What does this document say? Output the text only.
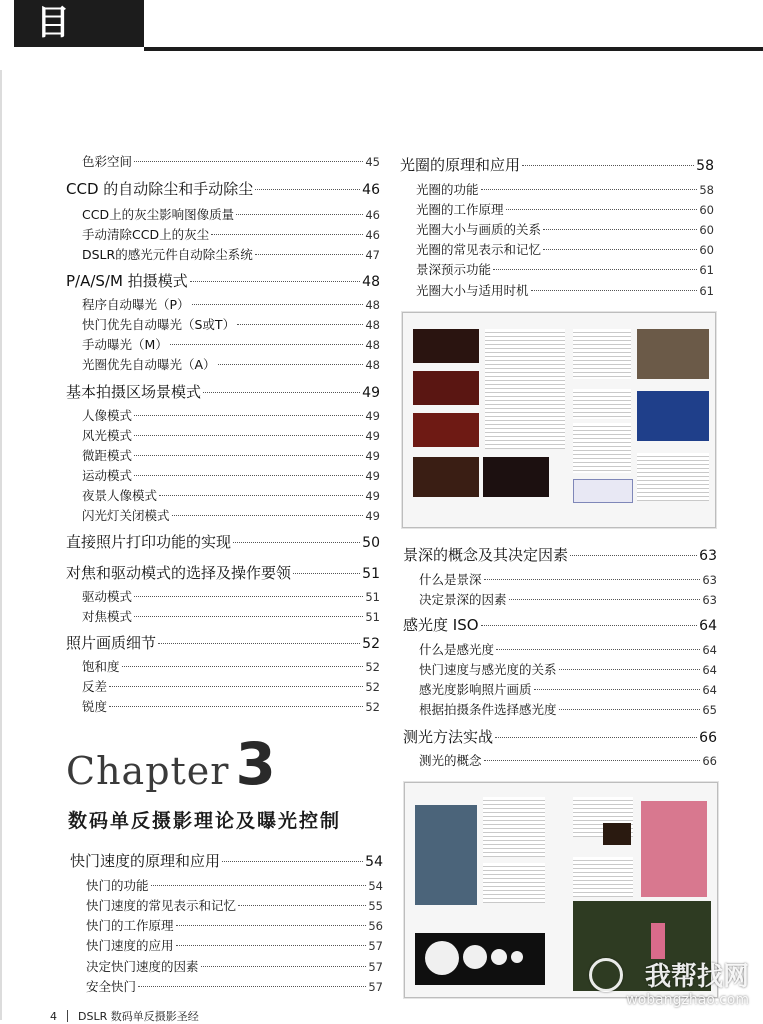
目 录
色彩空间	45
CCD 的自动除尘和手动除尘	46
CCD上的灰尘影响图像质量	46
手动清除CCD上的灰尘	46
DSLR的感光元件自动除尘系统	47
P/A/S/M 拍摄模式	48
程序自动曝光（P）	48
快门优先自动曝光（S或T）	48
手动曝光（M）	48
光圈优先自动曝光（A）	48
基本拍摄区场景模式	49
人像模式	49
风光模式	49
微距模式	49
运动模式	49
夜景人像模式	49
闪光灯关闭模式	49
直接照片打印功能的实现	50
对焦和驱动模式的选择及操作要领	51
驱动模式	51
对焦模式	51
照片画质细节	52
饱和度	52
反差	52
锐度	52
光圈的原理和应用	58
光圈的功能	58
光圈的工作原理	60
光圈大小与画质的关系	60
光圈的常见表示和记忆	60
景深预示功能	61
光圈大小与适用时机	61
景深的概念及其决定因素	63
什么是景深	63
决定景深的因素	63
感光度 ISO	64
什么是感光度	64
快门速度与感光度的关系	64
感光度影响照片画质	64
根据拍摄条件选择感光度	65
测光方法实战	66
测光的概念	66
快门速度的原理和应用	54
快门的功能	54
快门速度的常见表示和记忆	55
快门的工作原理	56
快门速度的应用	57
决定快门速度的因素	57
安全快门	57
Chapter 3
数码单反摄影理论及曝光控制
4 DSLR 数码单反摄影圣经
我帮找网
wobangzhao.com
